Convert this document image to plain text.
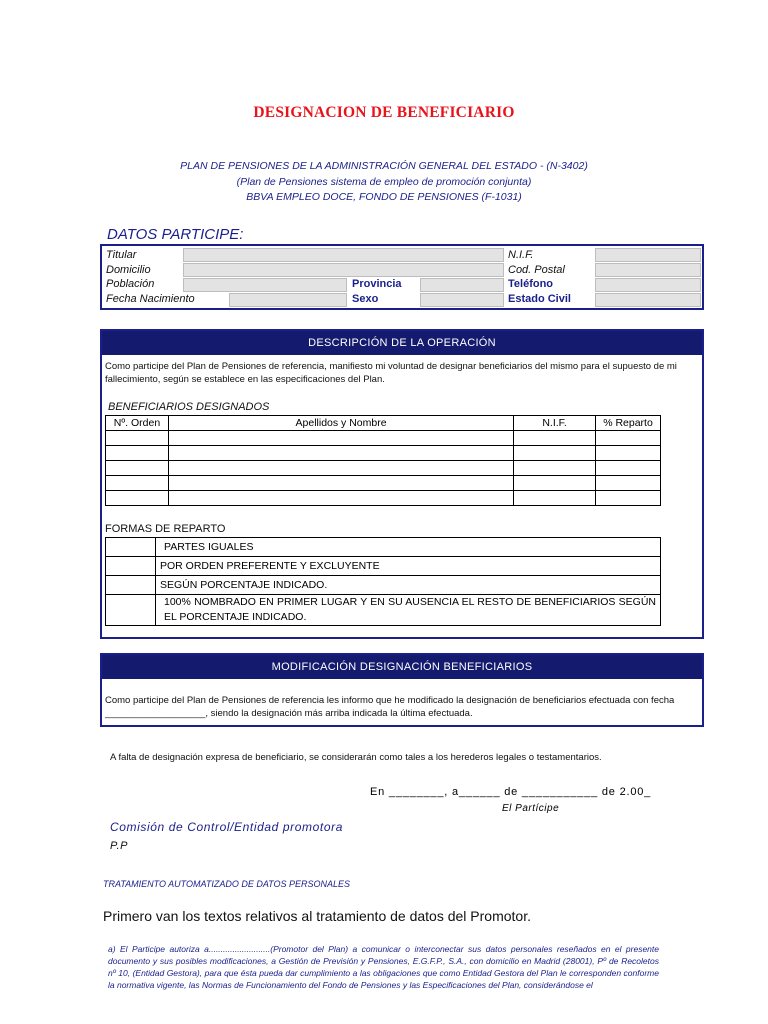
DESIGNACION DE BENEFICIARIO
PLAN DE PENSIONES DE LA ADMINISTRACIÓN GENERAL DEL ESTADO - (N-3402)
(Plan de Pensiones sistema de empleo de promoción conjunta)
BBVA EMPLEO DOCE, FONDO DE PENSIONES (F-1031)
DATOS PARTICIPE:
Titular	N.I.F.
Domicilio	Cod. Postal
Población	Provincia	Teléfono
Fecha Nacimiento	Sexo	Estado Civil
DESCRIPCIÓN DE LA OPERACIÓN
Como participe del Plan de Pensiones de referencia, manifiesto mi voluntad de designar beneficiarios del mismo para el supuesto de mi fallecimiento, según se establece en las especificaciones del Plan.
BENEFICIARIOS DESIGNADOS
Nº. Orden	Apellidos y Nombre	N.I.F.	% Reparto

FORMAS DE REPARTO
	PARTES IGUALES
	POR ORDEN PREFERENTE Y EXCLUYENTE
	SEGÚN PORCENTAJE INDICADO.
	100% NOMBRADO EN PRIMER LUGAR Y EN SU AUSENCIA EL RESTO DE BENEFICIARIOS SEGÚN EL PORCENTAJE INDICADO.
MODIFICACIÓN DESIGNACIÓN BENEFICIARIOS
Como participe del Plan de Pensiones de referencia les informo que he modificado la designación de beneficiarios efectuada con fecha ___________________, siendo la designación más arriba indicada la última efectuada.
A falta de designación expresa de beneficiario, se considerarán como tales a los herederos legales o testamentarios.
En ________, a______ de ___________ de 2.00_
El Partícipe
Comisión de Control/Entidad promotora
P.P
TRATAMIENTO AUTOMATIZADO DE DATOS PERSONALES
Primero van los textos relativos al tratamiento de datos del Promotor.
a) El Participe autoriza a..........................(Promotor del Plan) a comunicar o interconectar sus datos personales reseñados en el presente documento y sus posibles modificaciones, a Gestión de Previsión y Pensiones, E.G.F.P., S.A., con domicilio en Madrid (28001), Pº de Recoletos nº 10, (Entidad Gestora), para que ésta pueda dar cumplimiento a las obligaciones que como Entidad Gestora del Plan le corresponden conforme la normativa vigente, las Normas de Funcionamiento del Fondo de Pensiones y las Especificaciones del Plan, considerándose el
